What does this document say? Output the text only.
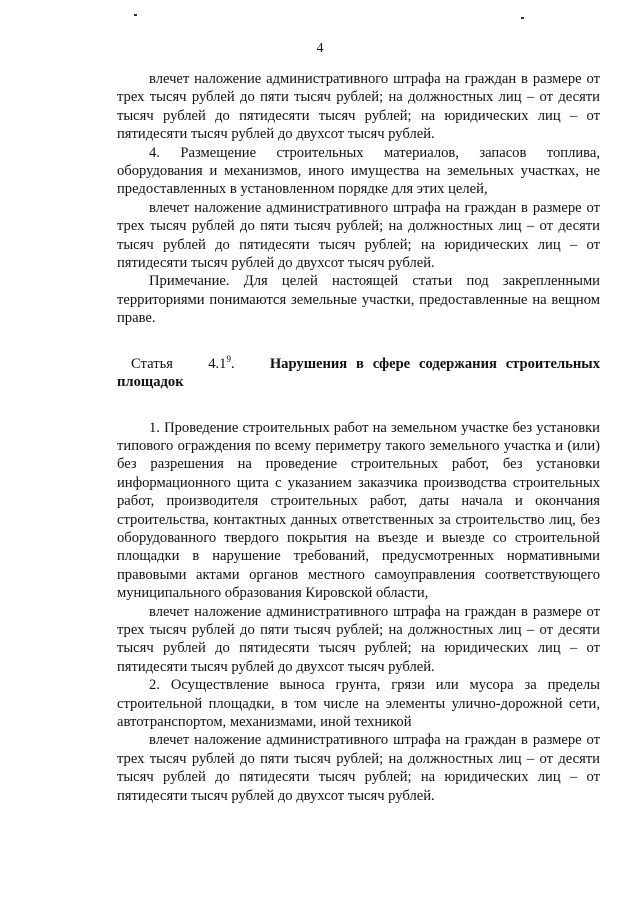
4

влечет наложение административного штрафа на граждан в размере от трех тысяч рублей до пяти тысяч рублей; на должностных лиц – от десяти тысяч рублей до пятидесяти тысяч рублей; на юридических лиц – от пятидесяти тысяч рублей до двухсот тысяч рублей.

4. Размещение строительных материалов, запасов топлива, оборудования и механизмов, иного имущества на земельных участках, не предоставленных в установленном порядке для этих целей,

влечет наложение административного штрафа на граждан в размере от трех тысяч рублей до пяти тысяч рублей; на должностных лиц – от десяти тысяч рублей до пятидесяти тысяч рублей; на юридических лиц – от пятидесяти тысяч рублей до двухсот тысяч рублей.

Примечание. Для целей настоящей статьи под закрепленными территориями понимаются земельные участки, предоставленные на вещном праве.

Статья $4.1^9$. Нарушения в сфере содержания строительных площадок

1. Проведение строительных работ на земельном участке без установки типового ограждения по всему периметру такого земельного участка и (или) без разрешения на проведение строительных работ, без установки информационного щита с указанием заказчика производства строительных работ, производителя строительных работ, даты начала и окончания строительства, контактных данных ответственных за строительство лиц, без оборудованного твердого покрытия на въезде и выезде со строительной площадки в нарушение требований, предусмотренных нормативными правовыми актами органов местного самоуправления соответствующего муниципального образования Кировской области,

влечет наложение административного штрафа на граждан в размере от трех тысяч рублей до пяти тысяч рублей; на должностных лиц – от десяти тысяч рублей до пятидесяти тысяч рублей; на юридических лиц – от пятидесяти тысяч рублей до двухсот тысяч рублей.

2. Осуществление выноса грунта, грязи или мусора за пределы строительной площадки, в том числе на элементы улично-дорожной сети, автотранспортом, механизмами, иной техникой

влечет наложение административного штрафа на граждан в размере от трех тысяч рублей до пяти тысяч рублей; на должностных лиц – от десяти тысяч рублей до пятидесяти тысяч рублей; на юридических лиц – от пятидесяти тысяч рублей до двухсот тысяч рублей.
